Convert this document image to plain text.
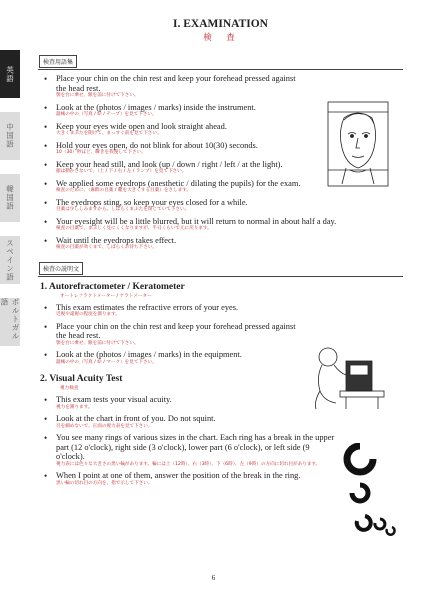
英語
中国語
韓国語
スペイン語
ポルトガル語
I. EXAMINATION
検　査
検査用語集
• Place your chin on the chin rest and keep your forehead pressed against the head rest.
顎を台に乗せ、額を前に付けて下さい。
• Look at the (photos / images / marks) inside the instrument.
器械の中の（写真 / 絵 / テープ）を見て下さい。
• Keep your eyes wide open and look straight ahead.
大きくまぶたを開けて、まっすぐ前を見て下さい。
• Hold your eyes open, do not blink for about 10(30) seconds.
10（30）秒ほど、瞬きを我慢して下さい。
• Keep your head still, and look (up / down / right / left / at the light).
顔は動かさないで、（上 / 下 / 右 / 左 / ランプ）を見て下さい。
• We applied some eyedrops (anesthetic / dilating the pupils) for the exam.
検査のために、（麻酔の目薬 / 瞳を大きくする目薬）をさします。
• The eyedrops sting, so keep your eyes closed for a while.
目薬は少ししみますから、しばらくまぶたを閉じていて下さい。
• Your eyesight will be a little blurred, but it will return to normal in about half a day.
検査の目薬で、まぶしく見にくくなりますが、半日くらいで元に戻ります。
• Wait until the eyedrops takes effect.
検査の目薬が効くまで、しばらくお待ち下さい。
検査の説明文
1. Autorefractometer / Keratometer
オートレフラクトメーター / ケラトメーター
• This exam estimates the refractive errors of your eyes.
近視や遠視の程度を測ります。
• Place your chin on the chin rest and keep your forehead pressed against the head rest.
顎を台に乗せ、額を前に付けて下さい。
• Look at the (photos / images / marks) in the equipment.
器械の中の（写真 / 絵 / マーク）を見て下さい。
2. Visual Acuity Test
視力検査
• This exam tests your visual acuity.
視力を測ります。
• Look at the chart in front of you. Do not squint.
目を細めないで、正面の視力表を見て下さい。
• You see many rings of various sizes in the chart. Each ring has a break in the upper part (12 o'clock), right side (3 o'clock), lower part (6 o'clock), or left side (9 o'clock).
視力表には色々な大きさの黒い輪があります。輪には上（12時）、右（3時）、下（6時）、左（9時）の方向に切れ目があります。
• When I point at one of them, answer the position of the break in the ring.
黒い輪の切れ目の方向を、指で示して下さい。
6
